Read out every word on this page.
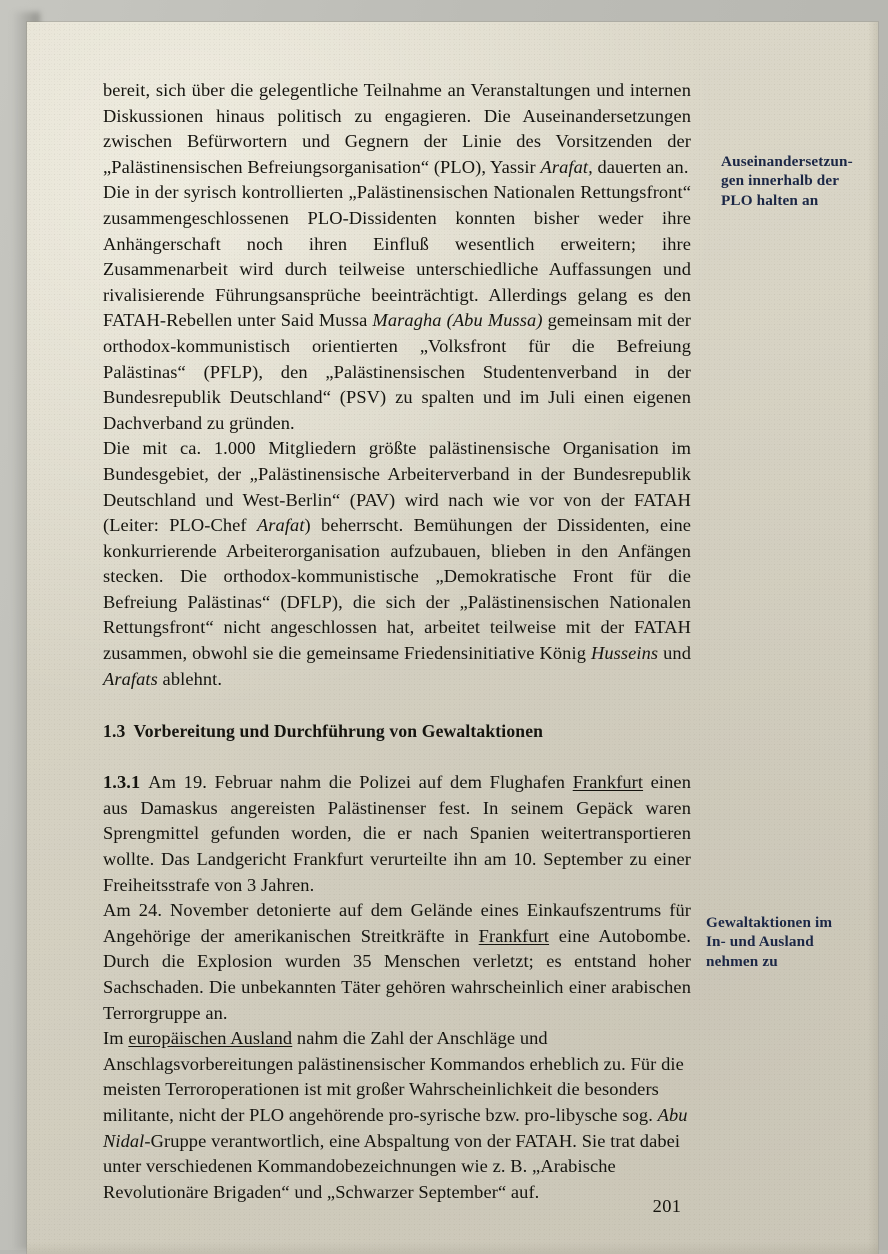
bereit, sich über die gelegentliche Teilnahme an Veranstaltungen und internen Diskussionen hinaus politisch zu engagieren. Die Auseinandersetzungen zwischen Befürwortern und Gegnern der Linie des Vorsitzenden der „Palästinensischen Befreiungsorganisation“ (PLO), Yassir Arafat, dauerten an.

Die in der syrisch kontrollierten „Palästinensischen Nationalen Rettungsfront“ zusammengeschlossenen PLO-Dissidenten konnten bisher weder ihre Anhängerschaft noch ihren Einfluß wesentlich erweitern; ihre Zusammenarbeit wird durch teilweise unterschiedliche Auffassungen und rivalisierende Führungsansprüche beeinträchtigt. Allerdings gelang es den FATAH-Rebellen unter Said Mussa Maragha (Abu Mussa) gemeinsam mit der orthodox-kommunistisch orientierten „Volksfront für die Befreiung Palästinas“ (PFLP), den „Palästinensischen Studentenverband in der Bundesrepublik Deutschland“ (PSV) zu spalten und im Juli einen eigenen Dachverband zu gründen.

Die mit ca. 1.000 Mitgliedern größte palästinensische Organisation im Bundesgebiet, der „Palästinensische Arbeiterverband in der Bundesrepublik Deutschland und West-Berlin“ (PAV) wird nach wie vor von der FATAH (Leiter: PLO-Chef Arafat) beherrscht. Bemühungen der Dissidenten, eine konkurrierende Arbeiterorganisation aufzubauen, blieben in den Anfängen stecken. Die orthodox-kommunistische „Demokratische Front für die Befreiung Palästinas“ (DFLP), die sich der „Palästinensischen Nationalen Rettungsfront“ nicht angeschlossen hat, arbeitet teilweise mit der FATAH zusammen, obwohl sie die gemeinsame Friedensinitiative König Husseins und Arafats ablehnt.

1.3 Vorbereitung und Durchführung von Gewaltaktionen

1.3.1 Am 19. Februar nahm die Polizei auf dem Flughafen Frankfurt einen aus Damaskus angereisten Palästinenser fest. In seinem Gepäck waren Sprengmittel gefunden worden, die er nach Spanien weitertransportieren wollte. Das Landgericht Frankfurt verurteilte ihn am 10. September zu einer Freiheitsstrafe von 3 Jahren.

Am 24. November detonierte auf dem Gelände eines Einkaufszentrums für Angehörige der amerikanischen Streitkräfte in Frankfurt eine Autobombe. Durch die Explosion wurden 35 Menschen verletzt; es entstand hoher Sachschaden. Die unbekannten Täter gehören wahrscheinlich einer arabischen Terrorgruppe an.

Im europäischen Ausland nahm die Zahl der Anschläge und Anschlagsvorbereitungen palästinensischer Kommandos erheblich zu. Für die meisten Terroroperationen ist mit großer Wahrscheinlichkeit die besonders militante, nicht der PLO angehörende pro-syrische bzw. pro-libysche sog. Abu Nidal-Gruppe verantwortlich, eine Abspaltung von der FATAH. Sie trat dabei unter verschiedenen Kommandobezeichnungen wie z. B. „Arabische Revolutionäre Brigaden“ und „Schwarzer September“ auf.

Auseinandersetzun-
gen innerhalb der
PLO halten an
Gewaltaktionen im
In- und Ausland
nehmen zu
201
